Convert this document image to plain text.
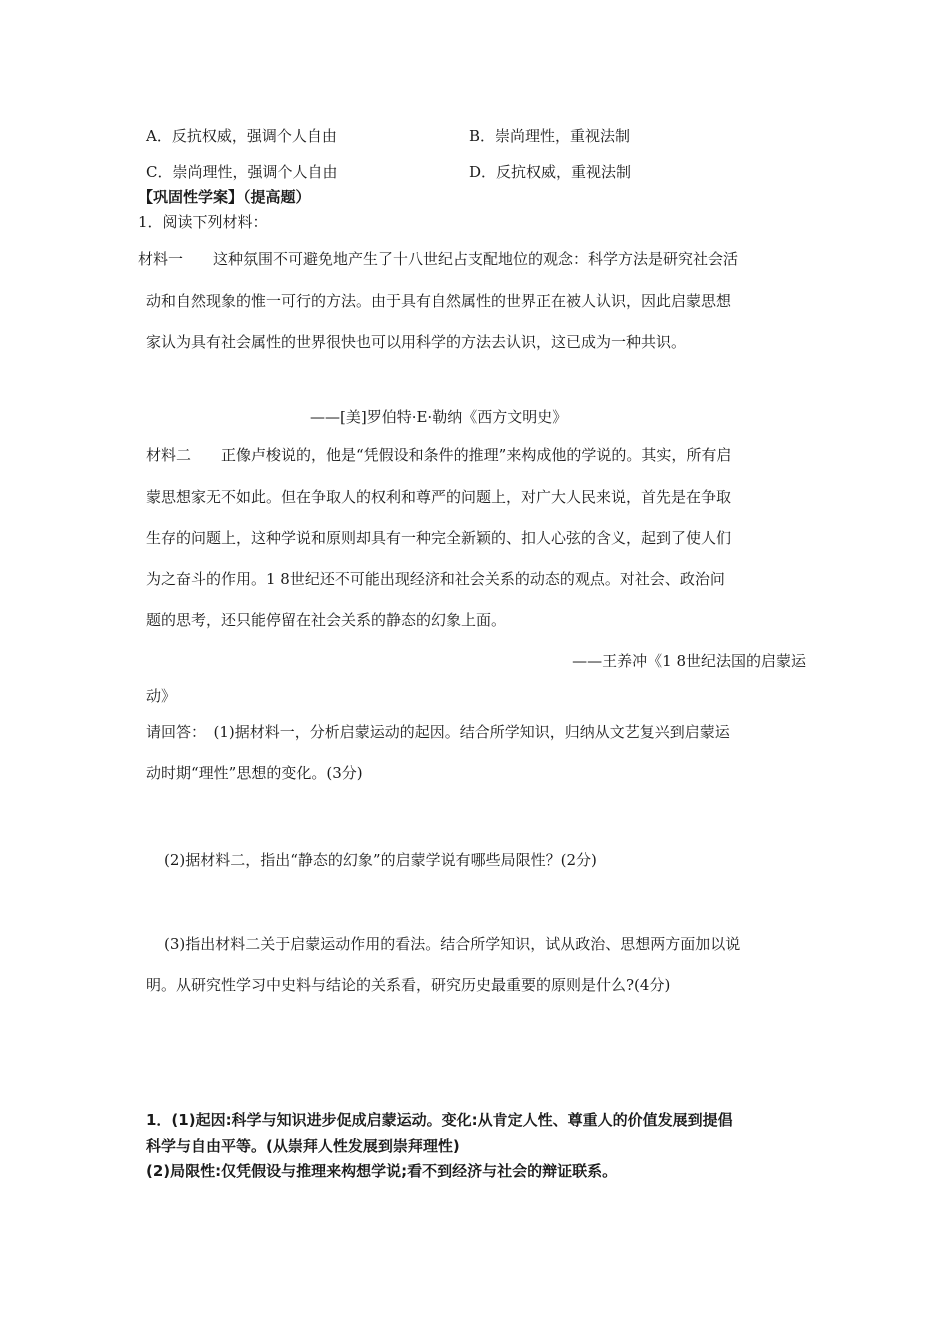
A．反抗权威，强调个人自由	B．崇尚理性，重视法制
C．崇尚理性，强调个人自由	D．反抗权威，重视法制
【巩固性学案】（提高题）
1．阅读下列材料：
材料一　　这种氛围不可避免地产生了十八世纪占支配地位的观念：科学方法是研究社会活
动和自然现象的惟一可行的方法。由于具有自然属性的世界正在被人认识，因此启蒙思想
家认为具有社会属性的世界很快也可以用科学的方法去认识，这已成为一种共识。
——[美]罗伯特·E·勒纳《西方文明史》
材料二　　正像卢梭说的，他是“凭假设和条件的推理”来构成他的学说的。其实，所有启
蒙思想家无不如此。但在争取人的权利和尊严的问题上，对广大人民来说，首先是在争取
生存的问题上，这种学说和原则却具有一种完全新颖的、扣人心弦的含义，起到了使人们
为之奋斗的作用。1 8世纪还不可能出现经济和社会关系的动态的观点。对社会、政治问
题的思考，还只能停留在社会关系的静态的幻象上面。
——王养冲《1 8世纪法国的启蒙运
动》
请回答：　(1)据材料一，分析启蒙运动的起因。结合所学知识，归纳从文艺复兴到启蒙运
动时期“理性”思想的变化。(3分)
(2)据材料二，指出“静态的幻象”的启蒙学说有哪些局限性？(2分)
(3)指出材料二关于启蒙运动作用的看法。结合所学知识，试从政治、思想两方面加以说
明。从研究性学习中史料与结论的关系看，研究历史最重要的原则是什么?(4分)
1．(1)起因:科学与知识进步促成启蒙运动。变化:从肯定人性、尊重人的价值发展到提倡
科学与自由平等。(从崇拜人性发展到崇拜理性)
(2)局限性:仅凭假设与推理来构想学说;看不到经济与社会的辩证联系。
